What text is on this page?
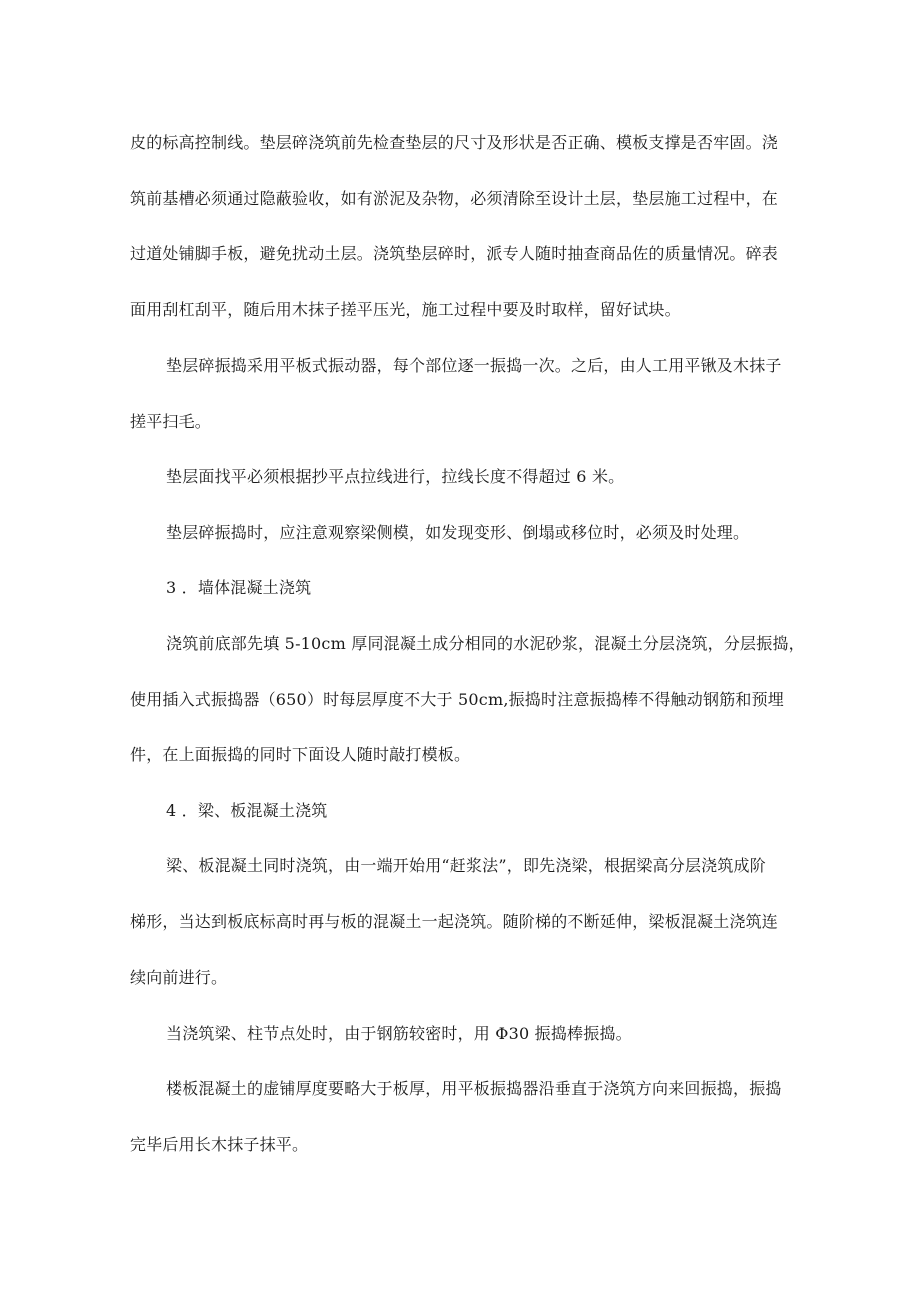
皮的标高控制线。垫层碎浇筑前先检查垫层的尺寸及形状是否正确、模板支撑是否牢固。浇
筑前基槽必须通过隐蔽验收，如有淤泥及杂物，必须清除至设计土层，垫层施工过程中，在
过道处铺脚手板，避免扰动土层。浇筑垫层碎时，派专人随时抽查商品佐的质量情况。碎表
面用刮杠刮平，随后用木抹子搓平压光，施工过程中要及时取样，留好试块。
垫层碎振捣采用平板式振动器，每个部位逐一振捣一次。之后，由人工用平锹及木抹子
搓平扫毛。
垫层面找平必须根据抄平点拉线进行，拉线长度不得超过 6 米。
垫层碎振捣时，应注意观察梁侧模，如发现变形、倒塌或移位时，必须及时处理。
3 ．墙体混凝土浇筑
浇筑前底部先填 5-10cm 厚同混凝土成分相同的水泥砂浆，混凝土分层浇筑，分层振捣，
使用插入式振捣器（650）时每层厚度不大于 50cm,振捣时注意振捣棒不得触动钢筋和预埋
件，在上面振捣的同时下面设人随时敲打模板。
4 ．梁、板混凝土浇筑
梁、板混凝土同时浇筑，由一端开始用“赶浆法”，即先浇梁，根据梁高分层浇筑成阶
梯形，当达到板底标高时再与板的混凝土一起浇筑。随阶梯的不断延伸，梁板混凝土浇筑连
续向前进行。
当浇筑梁、柱节点处时，由于钢筋较密时，用 Φ30 振捣棒振捣。
楼板混凝土的虚铺厚度要略大于板厚，用平板振捣器沿垂直于浇筑方向来回振捣，振捣
完毕后用长木抹子抹平。
